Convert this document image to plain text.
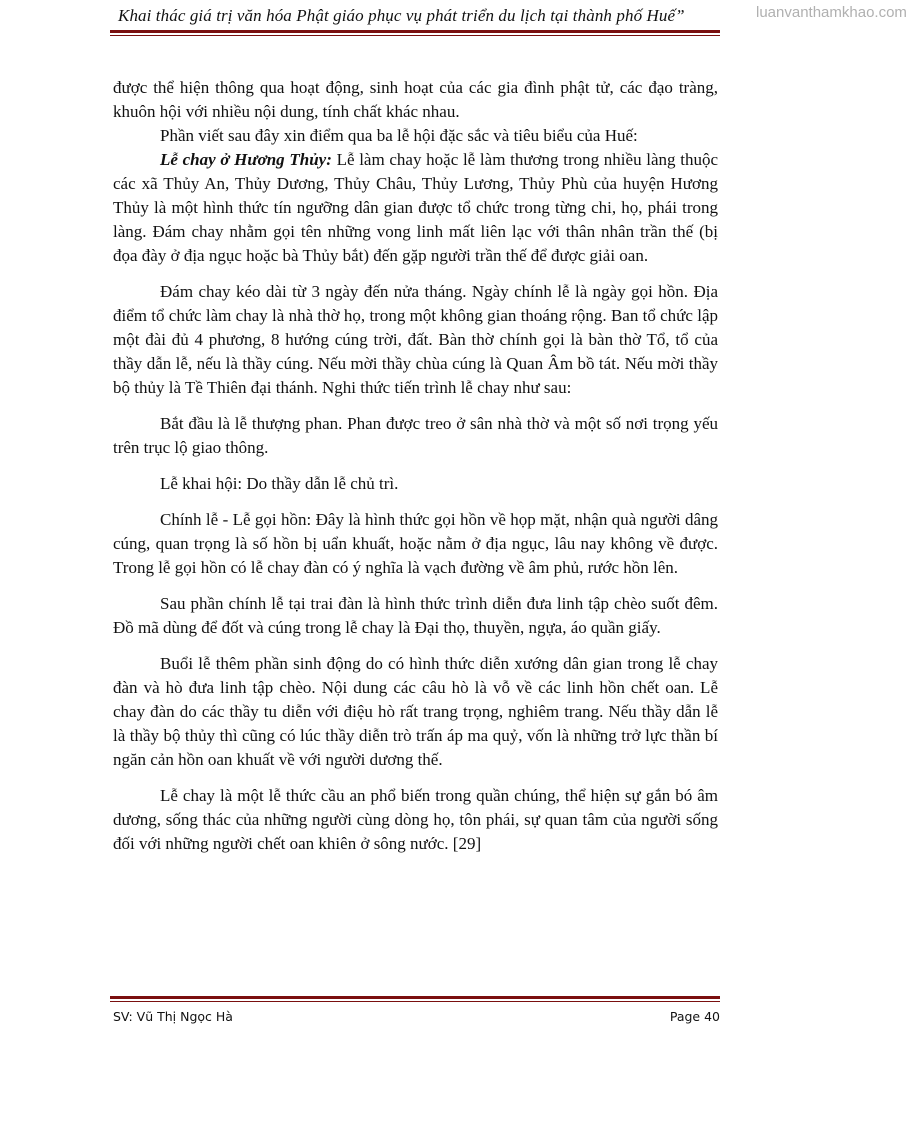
Khai thác giá trị văn hóa Phật giáo phục vụ phát triển du lịch tại thành phố Huế”	luanvanthamkhao.com

được thể hiện thông qua hoạt động, sinh hoạt của các gia đình phật tử, các đạo tràng, khuôn hội với nhiều nội dung, tính chất khác nhau.

Phần viết sau đây xin điểm qua ba lễ hội đặc sắc và tiêu biểu của Huế:

Lễ chay ở Hương Thủy: Lễ làm chay hoặc lễ làm thương trong nhiều làng thuộc các xã Thủy An, Thủy Dương, Thủy Châu, Thủy Lương, Thủy Phù của huyện Hương Thủy là một hình thức tín ngưỡng dân gian được tổ chức trong từng chi, họ, phái trong làng. Đám chay nhằm gọi tên những vong linh mất liên lạc với thân nhân trần thế (bị đọa đày ở địa ngục hoặc bà Thủy bắt) đến gặp người trần thế để được giải oan.

Đám chay kéo dài từ 3 ngày đến nửa tháng. Ngày chính lễ là ngày gọi hồn. Địa điểm tổ chức làm chay là nhà thờ họ, trong một không gian thoáng rộng. Ban tổ chức lập một đài đủ 4 phương, 8 hướng cúng trời, đất. Bàn thờ chính gọi là bàn thờ Tổ, tổ của thầy dẫn lễ, nếu là thầy cúng. Nếu mời thầy chùa cúng là Quan Âm bồ tát. Nếu mời thầy bộ thủy là Tề Thiên đại thánh. Nghi thức tiến trình lễ chay như sau:

Bắt đầu là lễ thượng phan. Phan được treo ở sân nhà thờ và một số nơi trọng yếu trên trục lộ giao thông.

Lễ khai hội: Do thầy dẫn lễ chủ trì.

Chính lễ - Lễ gọi hồn: Đây là hình thức gọi hồn về họp mặt, nhận quà người dâng cúng, quan trọng là số hồn bị uẩn khuất, hoặc nằm ở địa ngục, lâu nay không về được. Trong lễ gọi hồn có lễ chay đàn có ý nghĩa là vạch đường về âm phủ, rước hồn lên.

Sau phần chính lễ tại trai đàn là hình thức trình diễn đưa linh tập chèo suốt đêm. Đồ mã dùng để đốt và cúng trong lễ chay là Đại thọ, thuyền, ngựa, áo quần giấy.

Buổi lễ thêm phần sinh động do có hình thức diễn xướng dân gian trong lễ chay đàn và hò đưa linh tập chèo. Nội dung các câu hò là vỗ về các linh hồn chết oan. Lễ chay đàn do các thầy tu diễn với điệu hò rất trang trọng, nghiêm trang. Nếu thầy dẫn lễ là thầy bộ thủy thì cũng có lúc thầy diễn trò trấn áp ma quỷ, vốn là những trở lực thần bí ngăn cản hồn oan khuất về với người dương thế.

Lễ chay là một lễ thức cầu an phổ biến trong quần chúng, thể hiện sự gắn bó âm dương, sống thác của những người cùng dòng họ, tôn phái, sự quan tâm của người sống đối với những người chết oan khiên ở sông nước. [29]

SV: Vũ Thị Ngọc Hà	Page 40
